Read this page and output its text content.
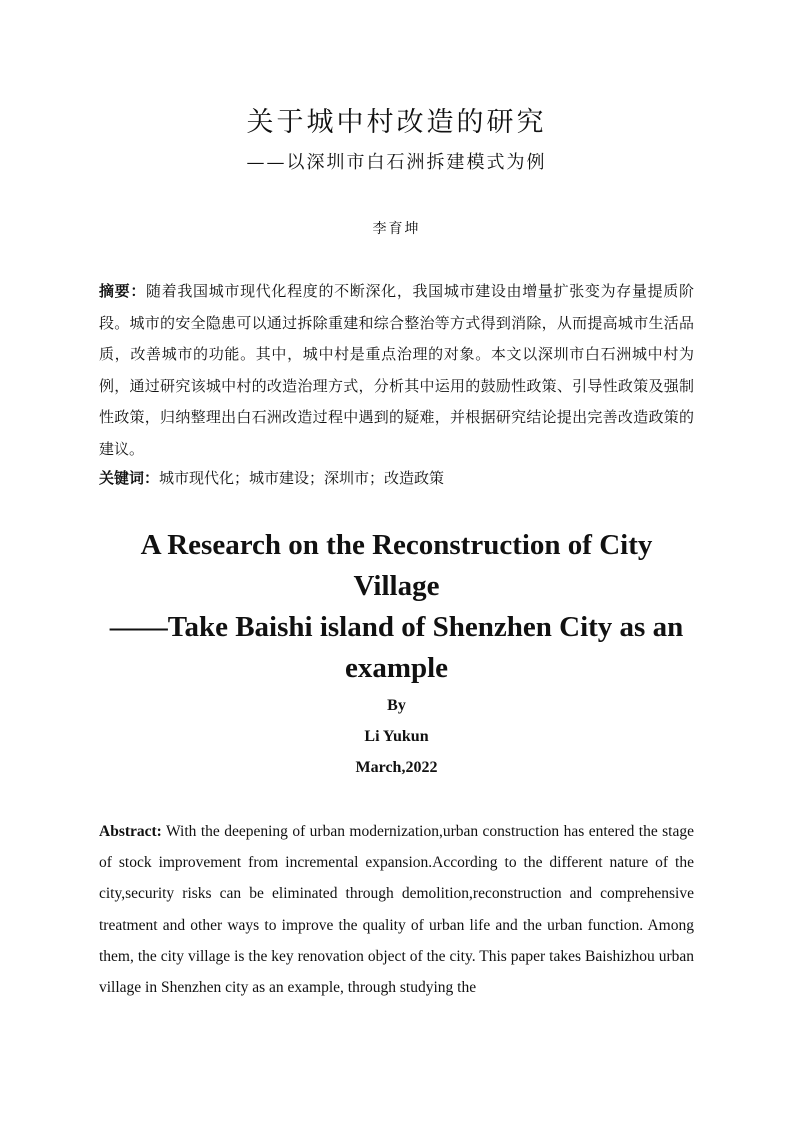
关于城中村改造的研究
——以深圳市白石洲拆建模式为例
李育坤

摘要：随着我国城市现代化程度的不断深化，我国城市建设由增量扩张变为存量提质阶段。城市的安全隐患可以通过拆除重建和综合整治等方式得到消除，从而提高城市生活品质，改善城市的功能。其中，城中村是重点治理的对象。本文以深圳市白石洲城中村为例，通过研究该城中村的改造治理方式，分析其中运用的鼓励性政策、引导性政策及强制性政策，归纳整理出白石洲改造过程中遇到的疑难，并根据研究结论提出完善改造政策的建议。

关键词：城市现代化；城市建设；深圳市；改造政策

A Research on the Reconstruction of City
Village
——Take Baishi island of Shenzhen City as an
example
By
Li Yukun
March,2022

Abstract: With the deepening of urban modernization,urban construction has entered the stage of stock improvement from incremental expansion.According to the different nature of the city,security risks can be eliminated through demolition,reconstruction and comprehensive treatment and other ways to improve the quality of urban life and the urban function. Among them, the city village is the key renovation object of the city. This paper takes Baishizhou urban village in Shenzhen city as an example, through studying the
